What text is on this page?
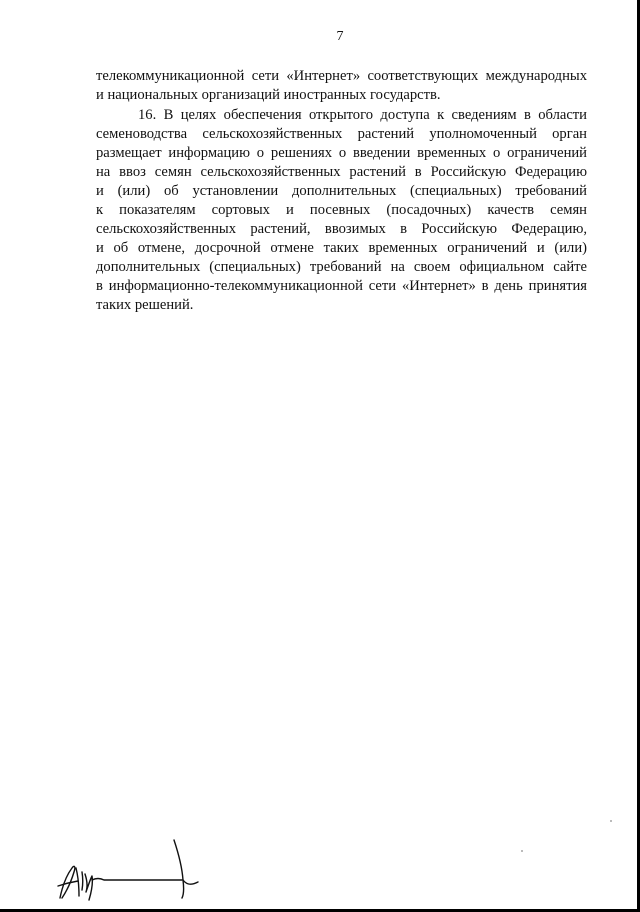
7
телекоммуникационной сети «Интернет» соответствующих международных
и национальных организаций иностранных государств.
16. В целях обеспечения открытого доступа к сведениям в области
семеноводства сельскохозяйственных растений уполномоченный орган
размещает информацию о решениях о введении временных о ограничений
на ввоз семян сельскохозяйственных растений в Российскую Федерацию
и (или) об установлении дополнительных (специальных) требований
к показателям сортовых и посевных (посадочных) качеств семян
сельскохозяйственных растений, ввозимых в Российскую Федерацию,
и об отмене, досрочной отмене таких временных ограничений и (или)
дополнительных (специальных) требований на своем официальном сайте
в информационно-телекоммуникационной сети «Интернет» в день принятия
таких решений.
